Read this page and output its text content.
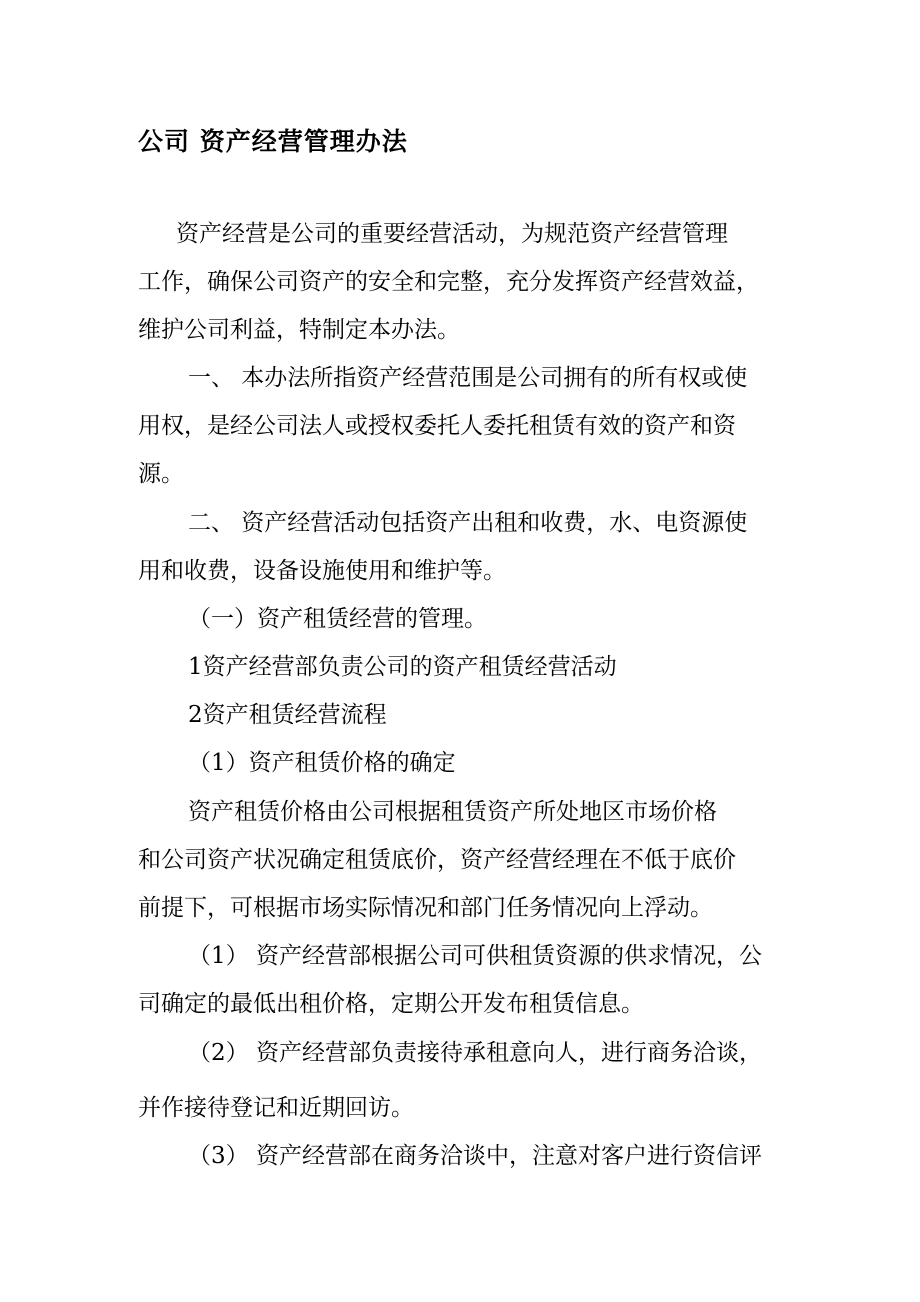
公司 资产经营管理办法
资产经营是公司的重要经营活动，为规范资产经营管理
工作，确保公司资产的安全和完整，充分发挥资产经营效益，
维护公司利益，特制定本办法。
一、 本办法所指资产经营范围是公司拥有的所有权或使
用权，是经公司法人或授权委托人委托租赁有效的资产和资
源。
二、 资产经营活动包括资产出租和收费，水、电资源使
用和收费，设备设施使用和维护等。
（一）资产租赁经营的管理。
1资产经营部负责公司的资产租赁经营活动
2资产租赁经营流程
（1）资产租赁价格的确定
资产租赁价格由公司根据租赁资产所处地区市场价格
和公司资产状况确定租赁底价，资产经营经理在不低于底价
前提下，可根据市场实际情况和部门任务情况向上浮动。
（1） 资产经营部根据公司可供租赁资源的供求情况，公
司确定的最低出租价格，定期公开发布租赁信息。
（2） 资产经营部负责接待承租意向人，进行商务洽谈，
并作接待登记和近期回访。
（3） 资产经营部在商务洽谈中，注意对客户进行资信评
